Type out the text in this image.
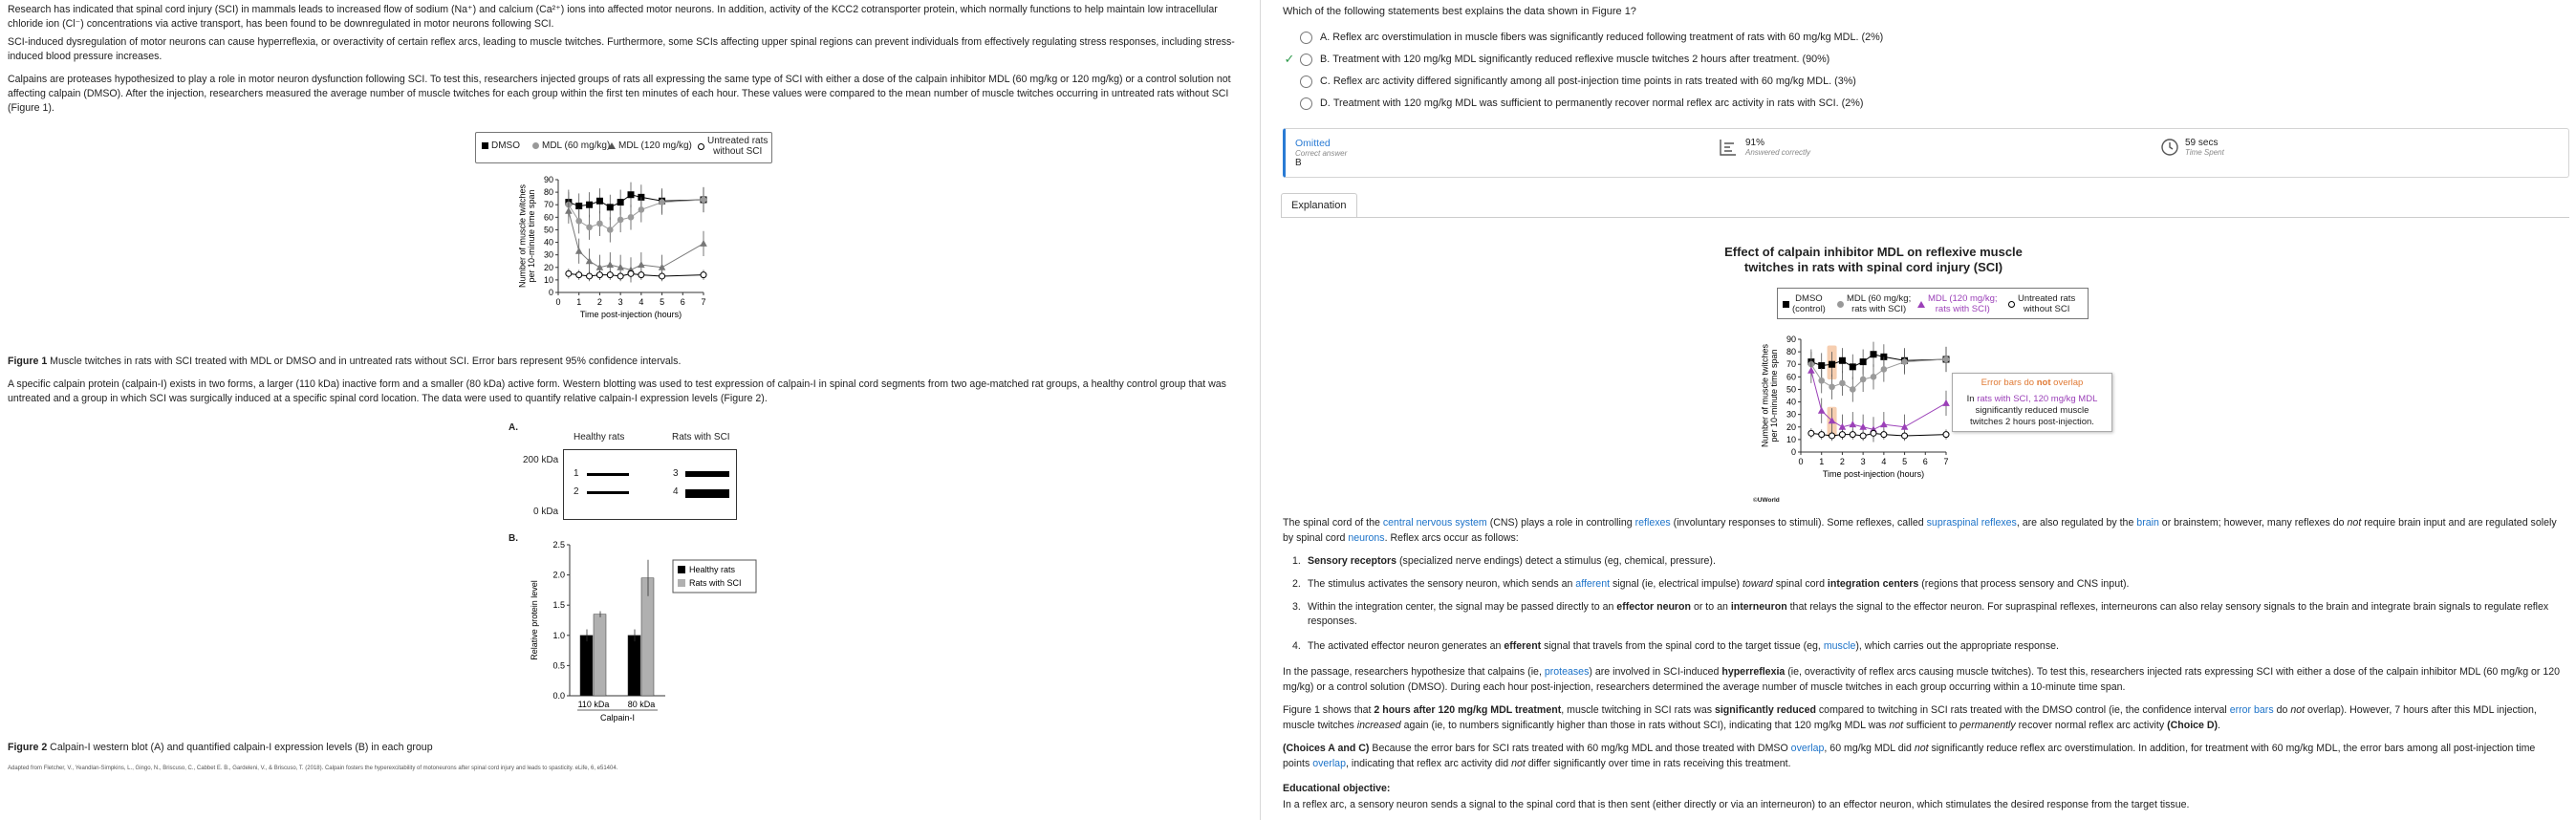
Research has indicated that spinal cord injury (SCI) in mammals leads to increased flow of sodium (Na⁺) and calcium (Ca²⁺) ions into affected motor neurons. In addition, activity of the KCC2 cotransporter protein, which normally functions to help maintain low intracellular chloride ion (Cl⁻) concentrations via active transport, has been found to be downregulated in motor neurons following SCI.

SCI-induced dysregulation of motor neurons can cause hyperreflexia, or overactivity of certain reflex arcs, leading to muscle twitches. Furthermore, some SCIs affecting upper spinal regions can prevent individuals from effectively regulating stress responses, including stress-induced blood pressure increases.

Calpains are proteases hypothesized to play a role in motor neuron dysfunction following SCI. To test this, researchers injected groups of rats all expressing the same type of SCI with either a dose of the calpain inhibitor MDL (60 mg/kg or 120 mg/kg) or a control solution not affecting calpain (DMSO). After the injection, researchers measured the average number of muscle twitches for each group within the first ten minutes of each hour. These values were compared to the mean number of muscle twitches occurring in untreated rats without SCI (Figure 1).

DMSO MDL (60 mg/kg) MDL (120 mg/kg) Untreated rats
without SCI
0
10
20
30
40
50
60
70
80
90
0 1 2 3 4 5 6 7
Time post-injection (hours)
Number of muscle twitchesper 10-minute time span

Figure 1 Muscle twitches in rats with SCI treated with MDL or DMSO and in untreated rats without SCI. Error bars represent 95% confidence intervals.

A specific calpain protein (calpain-I) exists in two forms, a larger (110 kDa) inactive form and a smaller (80 kDa) active form. Western blotting was used to test expression of calpain-I in spinal cord segments from two age-matched rat groups, a healthy control group that was untreated and a group in which SCI was surgically induced at a specific spinal cord location. The data were used to quantify relative calpain-I expression levels (Figure 2).

A.
Healthy rats	Rats with SCI
200 kDa
0 kDa
1
2
3
4
B.
0.0
0.5
1.0
1.5
2.0
2.5
110 kDa 80 kDa
Calpain-I
Relative protein level
Healthy rats
Rats with SCI

Figure 2 Calpain-I western blot (A) and quantified calpain-I expression levels (B) in each group

Adapted from Fletcher, V., Yeandlan-Simpkins, L., Gingo, N., Briscuso, C., Cabbet E. B., Gardeleni, V., & Briscuso, T. (2018). Calpain fosters the hyperexcitability of motoneurons after spinal cord injury and leads to spasticity. eLife, 6, e51404.

Which of the following statements best explains the data shown in Figure 1?

A.
Reflex arc overstimulation in muscle fibers was significantly reduced following treatment of rats with 60 mg/kg MDL.
(2%)
✓ B.
Treatment with 120 mg/kg MDL significantly reduced reflexive muscle twitches 2 hours after treatment.
(90%)
C.
Reflex arc activity differed significantly among all post-injection time points in rats treated with 60 mg/kg MDL.
(3%)
D.
Treatment with 120 mg/kg MDL was sufficient to permanently recover normal reflex arc activity in rats with SCI.
(2%)
Omitted
Correct answer
B
91%
Answered correctly
59 secs
Time Spent
Explanation
Effect of calpain inhibitor MDL on reflexive muscle
twitches in rats with spinal cord injury (SCI)
DMSO
(control)
MDL (60 mg/kg;
rats with SCI)
MDL (120 mg/kg;
rats with SCI)
Untreated rats
without SCI
0
10
20
30
40
50
60
70
80
90
0 1 2 3 4 5 6 7
Time post-injection (hours)
Number of muscle twitchesper 10-minute time span	Error bars do not overlap
In rats with SCI, 120 mg/kg MDL
significantly reduced muscle
twitches 2 hours post-injection.
©UWorld

The spinal cord of the central nervous system (CNS) plays a role in controlling reflexes (involuntary responses to stimuli). Some reflexes, called supraspinal reflexes, are also regulated by the brain or brainstem; however, many reflexes do not require brain input and are regulated solely by spinal cord neurons. Reflex arcs occur as follows:

1. Sensory receptors (specialized nerve endings) detect a stimulus (eg, chemical, pressure).
2. The stimulus activates the sensory neuron, which sends an afferent signal (ie, electrical impulse) toward spinal cord integration centers (regions that process sensory and CNS input).
3. Within the integration center, the signal may be passed directly to an effector neuron or to an interneuron that relays the signal to the effector neuron. For supraspinal reflexes, interneurons can also relay sensory signals to the brain and integrate brain signals to regulate reflex
responses.
4. The activated effector neuron generates an efferent signal that travels from the spinal cord to the target tissue (eg, muscle), which carries out the appropriate response.

In the passage, researchers hypothesize that calpains (ie, proteases) are involved in SCI-induced hyperreflexia (ie, overactivity of reflex arcs causing muscle twitches). To test this, researchers injected rats expressing SCI with either a dose of the calpain inhibitor MDL (60 mg/kg or 120
mg/kg) or a control solution (DMSO). During each hour post-injection, researchers determined the average number of muscle twitches in each group occurring within a 10-minute time span.

Figure 1 shows that 2 hours after 120 mg/kg MDL treatment, muscle twitching in SCI rats was significantly reduced compared to twitching in SCI rats treated with the DMSO control (ie, the confidence interval error bars do not overlap). However, 7 hours after this MDL injection,
muscle twitches increased again (ie, to numbers significantly higher than those in rats without SCI), indicating that 120 mg/kg MDL was not sufficient to permanently recover normal reflex arc activity (Choice D).

(Choices A and C) Because the error bars for SCI rats treated with 60 mg/kg MDL and those treated with DMSO overlap, 60 mg/kg MDL did not significantly reduce reflex arc overstimulation. In addition, for treatment with 60 mg/kg MDL, the error bars among all post-injection time
points overlap, indicating that reflex arc activity did not differ significantly over time in rats receiving this treatment.

Educational objective:

In a reflex arc, a sensory neuron sends a signal to the spinal cord that is then sent (either directly or via an interneuron) to an effector neuron, which stimulates the desired response from the target tissue.
